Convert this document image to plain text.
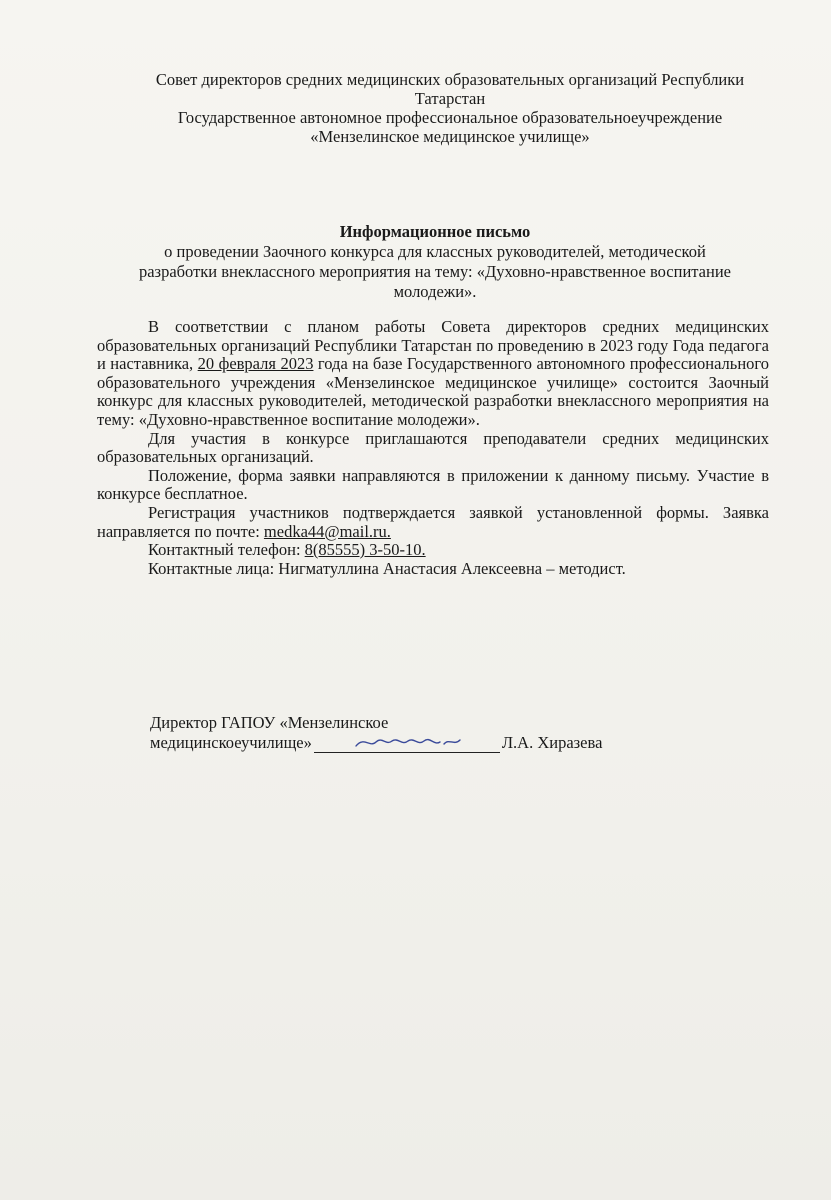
Совет директоров средних медицинских образовательных организаций Республики
Татарстан
Государственное автономное профессиональное образовательноеучреждение
«Мензелинское медицинское училище»
Информационное письмо
о проведении Заочного конкурса для классных руководителей, методической
разработки внеклассного мероприятия на тему: «Духовно-нравственное воспитание
молодежи».

В соответствии с планом работы Совета директоров средних медицинских образовательных организаций Республики Татарстан по проведению в 2023 году Года педагога и наставника, 20 февраля 2023 года на базе Государственного автономного профессионального образовательного учреждения «Мензелинское медицинское училище» состоится Заочный конкурс для классных руководителей, методической разработки внеклассного мероприятия на тему: «Духовно-нравственное воспитание молодежи».

Для участия в конкурсе приглашаются преподаватели средних медицинских образовательных организаций.

Положение, форма заявки направляются в приложении к данному письму. Участие в конкурсе бесплатное.

Регистрация участников подтверждается заявкой установленной формы. Заявка направляется по почте: medka44@mail.ru.

Контактный телефон: 8(85555) 3-50-10.

Контактные лица: Нигматуллина Анастасия Алексеевна – методист.

Директор ГАПОУ «Мензелинское
медицинскоеучилище»	Л.А. Хиразева
